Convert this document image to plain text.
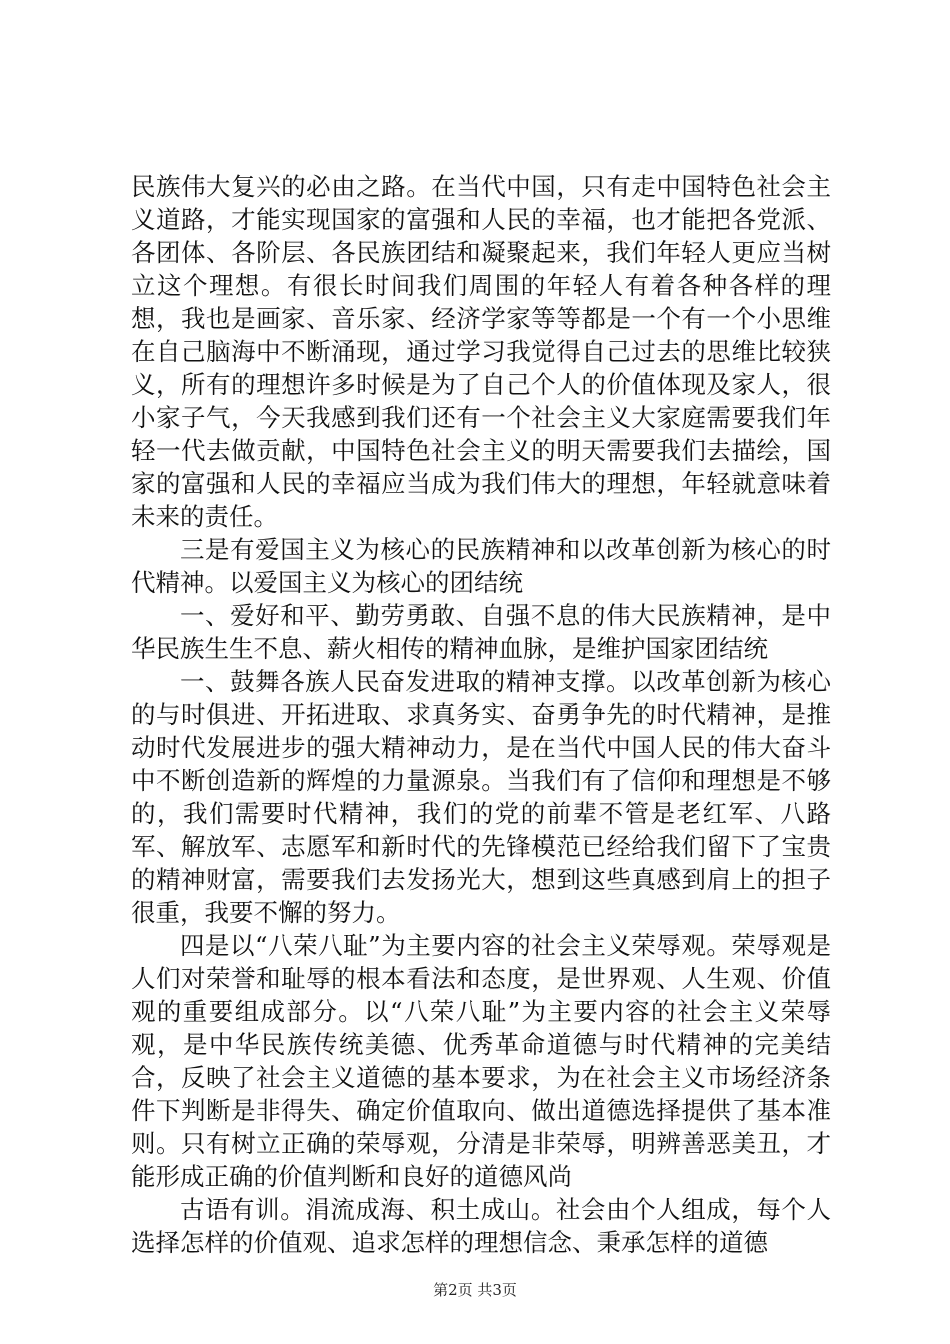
民族伟大复兴的必由之路。在当代中国，只有走中国特色社会主义道路，才能实现国家的富强和人民的幸福，也才能把各党派、各团体、各阶层、各民族团结和凝聚起来，我们年轻人更应当树立这个理想。有很长时间我们周围的年轻人有着各种各样的理想，我也是画家、音乐家、经济学家等等都是一个有一个小思维在自己脑海中不断涌现，通过学习我觉得自己过去的思维比较狭义，所有的理想许多时候是为了自己个人的价值体现及家人，很小家子气，今天我感到我们还有一个社会主义大家庭需要我们年轻一代去做贡献，中国特色社会主义的明天需要我们去描绘，国家的富强和人民的幸福应当成为我们伟大的理想，年轻就意味着未来的责任。

三是有爱国主义为核心的民族精神和以改革创新为核心的时代精神。以爱国主义为核心的团结统

一、爱好和平、勤劳勇敢、自强不息的伟大民族精神，是中华民族生生不息、薪火相传的精神血脉，是维护国家团结统

一、鼓舞各族人民奋发进取的精神支撑。以改革创新为核心的与时俱进、开拓进取、求真务实、奋勇争先的时代精神，是推动时代发展进步的强大精神动力，是在当代中国人民的伟大奋斗中不断创造新的辉煌的力量源泉。当我们有了信仰和理想是不够的，我们需要时代精神，我们的党的前辈不管是老红军、八路军、解放军、志愿军和新时代的先锋模范已经给我们留下了宝贵的精神财富，需要我们去发扬光大，想到这些真感到肩上的担子很重，我要不懈的努力。

四是以“八荣八耻”为主要内容的社会主义荣辱观。荣辱观是人们对荣誉和耻辱的根本看法和态度，是世界观、人生观、价值观的重要组成部分。以“八荣八耻”为主要内容的社会主义荣辱观，是中华民族传统美德、优秀革命道德与时代精神的完美结合，反映了社会主义道德的基本要求，为在社会主义市场经济条件下判断是非得失、确定价值取向、做出道德选择提供了基本准则。只有树立正确的荣辱观，分清是非荣辱，明辨善恶美丑，才能形成正确的价值判断和良好的道德风尚

古语有训。涓流成海、积土成山。社会由个人组成，每个人选择怎样的价值观、追求怎样的理想信念、秉承怎样的道德

第2页 共3页
